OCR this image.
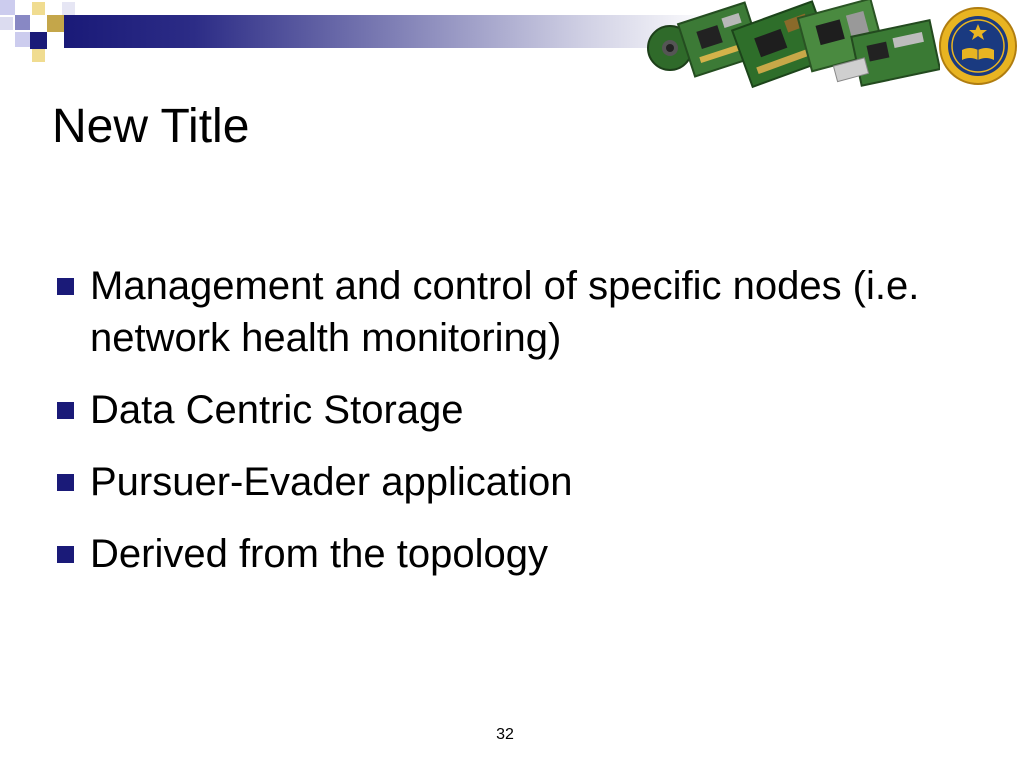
New Title
Management and control of specific nodes (i.e. network health monitoring)
Data Centric Storage
Pursuer-Evader application
Derived from the topology
32
